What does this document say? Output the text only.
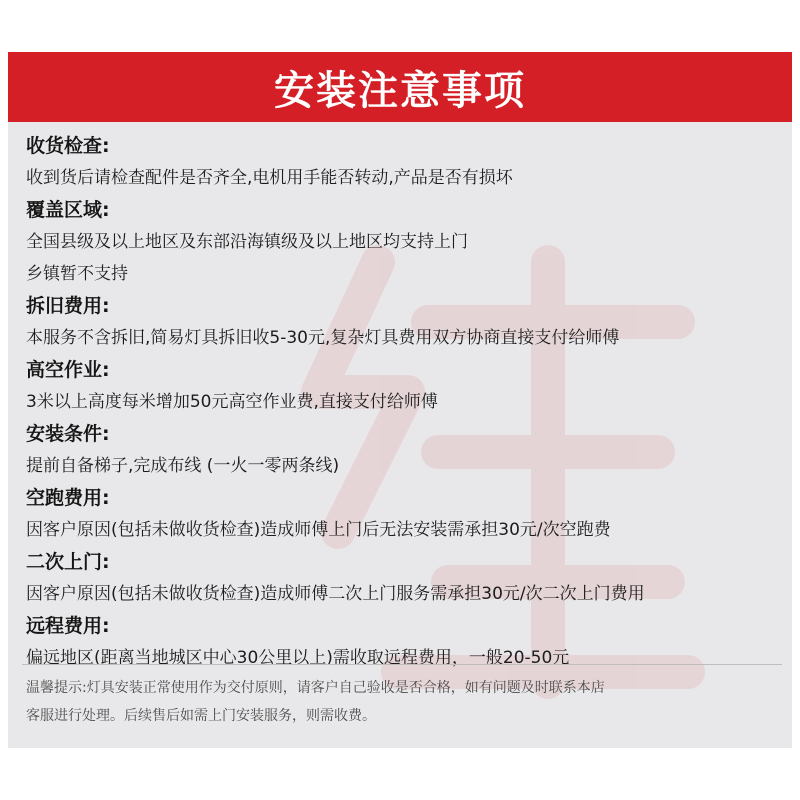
安装注意事项
收货检查:
收到货后请检查配件是否齐全,电机用手能否转动,产品是否有损坏
覆盖区域:
全国县级及以上地区及东部沿海镇级及以上地区均支持上门
乡镇暂不支持
拆旧费用:
本服务不含拆旧,简易灯具拆旧收5-30元,复杂灯具费用双方协商直接支付给师傅
高空作业:
3米以上高度每米增加50元高空作业费,直接支付给师傅
安装条件:
提前自备梯子,完成布线 (一火一零两条线)
空跑费用:
因客户原因(包括未做收货检查)造成师傅上门后无法安装需承担30元/次空跑费
二次上门:
因客户原因(包括未做收货检查)造成师傅二次上门服务需承担30元/次二次上门费用
远程费用:
偏远地区(距离当地城区中心30公里以上)需收取远程费用，一般20-50元
温馨提示:灯具安装正常使用作为交付原则，请客户自己验收是否合格，如有问题及时联系本店
客服进行处理。后续售后如需上门安装服务，则需收费。
